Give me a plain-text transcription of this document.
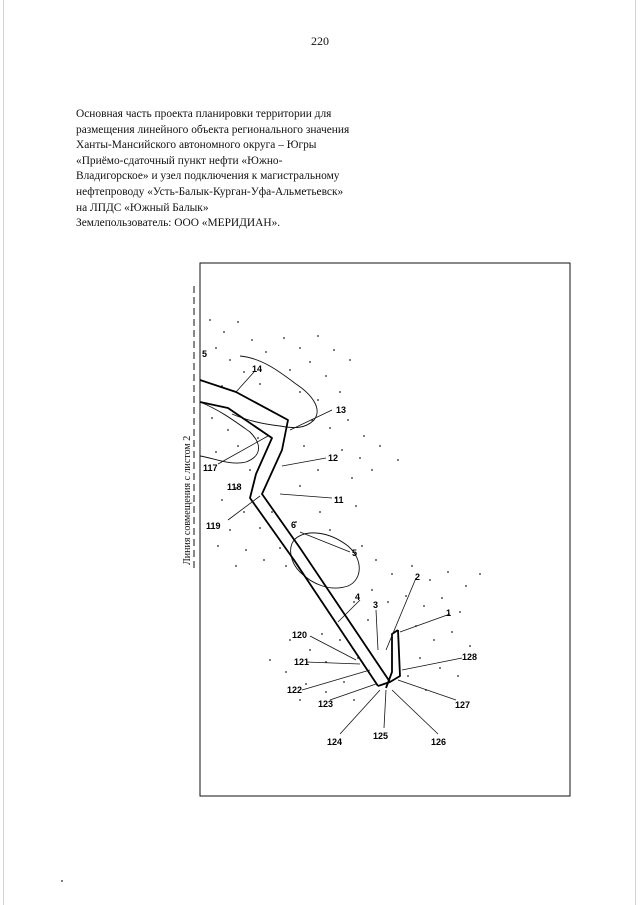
220
Основная часть проекта планировки территории для
размещения линейного объекта регионального значения
Ханты-Мансийского автономного округа – Югры
«Приёмо-сдаточный пункт нефти «Южно-
Владигорское» и узел подключения к магистральному
нефтепроводу «Усть-Балык-Курган-Уфа-Альметьевск»
на ЛПДС «Южный Балык»
Землепользователь: ООО «МЕРИДИАН».
Линия совмещения с листом 2
5
14
13
12
11
117
118
119	6
5
4
3
2
1
120
121
122
123
124
125
126
127
128
